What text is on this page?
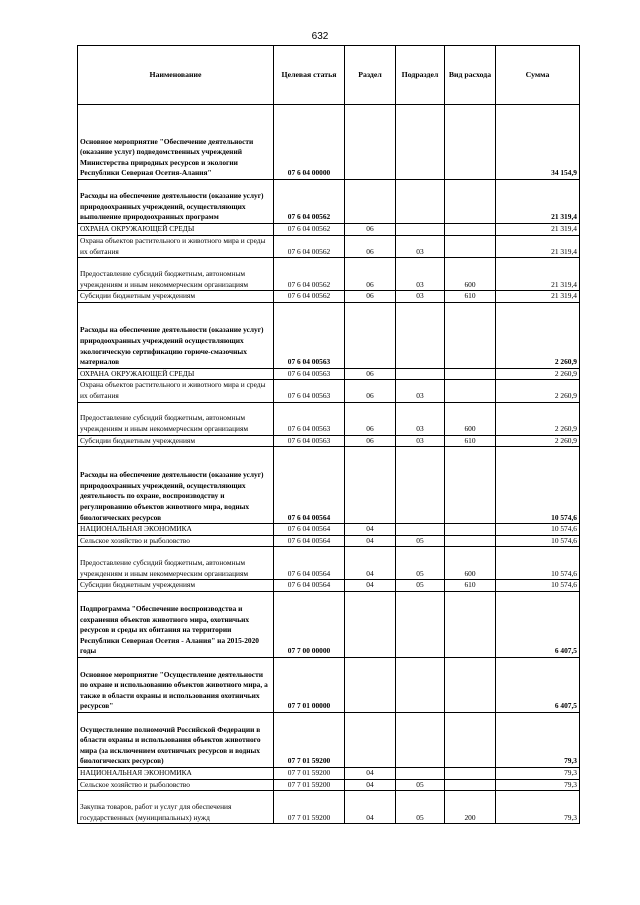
632
Наименование	Целевая статья	Раздел	Подраздел	Вид расхода	Сумма
Основное мероприятие "Обеспечение деятельности (оказание услуг) подведомственных учреждений Министерства природных ресурсов и экологии Республики Северная Осетия-Алания"	07 6 04 00000				34 154,9
Расходы на обеспечение деятельности (оказание услуг) природоохранных учреждений, осуществляющих выполнение природоохранных программ	07 6 04 00562				21 319,4
ОХРАНА ОКРУЖАЮЩЕЙ СРЕДЫ	07 6 04 00562	06			21 319,4
Охрана объектов растительного и животного мира и среды их обитания	07 6 04 00562	06	03		21 319,4
Предоставление субсидий бюджетным, автономным учреждениям и иным некоммерческим организациям	07 6 04 00562	06	03	600	21 319,4
Субсидии бюджетным учреждениям	07 6 04 00562	06	03	610	21 319,4
Расходы на обеспечение деятельности (оказание услуг) природоохранных учреждений осуществляющих экологическую сертификацию горюче-смазочных материалов	07 6 04 00563				2 260,9
ОХРАНА ОКРУЖАЮЩЕЙ СРЕДЫ	07 6 04 00563	06			2 260,9
Охрана объектов растительного и животного мира и среды их обитания	07 6 04 00563	06	03		2 260,9
Предоставление субсидий бюджетным, автономным учреждениям и иным некоммерческим организациям	07 6 04 00563	06	03	600	2 260,9
Субсидии бюджетным учреждениям	07 6 04 00563	06	03	610	2 260,9
Расходы на обеспечение деятельности (оказание услуг) природоохранных учреждений, осуществляющих деятельность по охране, воспроизводству и регулированию объектов животного мира, водных биологических ресурсов	07 6 04 00564				10 574,6
НАЦИОНАЛЬНАЯ ЭКОНОМИКА	07 6 04 00564	04			10 574,6
Сельское хозяйство и рыболовство	07 6 04 00564	04	05		10 574,6
Предоставление субсидий бюджетным, автономным учреждениям и иным некоммерческим организациям	07 6 04 00564	04	05	600	10 574,6
Субсидии бюджетным учреждениям	07 6 04 00564	04	05	610	10 574,6
Подпрограмма "Обеспечение воспроизводства и сохранения объектов животного мира, охотничьих ресурсов и среды их обитания на территории Республики Северная Осетия - Алания" на 2015-2020 годы	07 7 00 00000				6 407,5
Основное мероприятие "Осуществление деятельности по охране и использованию объектов животного мира, а также в области охраны и использования охотничьих ресурсов"	07 7 01 00000				6 407,5
Осуществление полномочий Российской Федерации в области охраны и использования объектов животного мира (за исключением охотничьих ресурсов и водных биологических ресурсов)	07 7 01 59200				79,3
НАЦИОНАЛЬНАЯ ЭКОНОМИКА	07 7 01 59200	04			79,3
Сельское хозяйство и рыболовство	07 7 01 59200	04	05		79,3
Закупка товаров, работ и услуг для обеспечения государственных (муниципальных) нужд	07 7 01 59200	04	05	200	79,3
